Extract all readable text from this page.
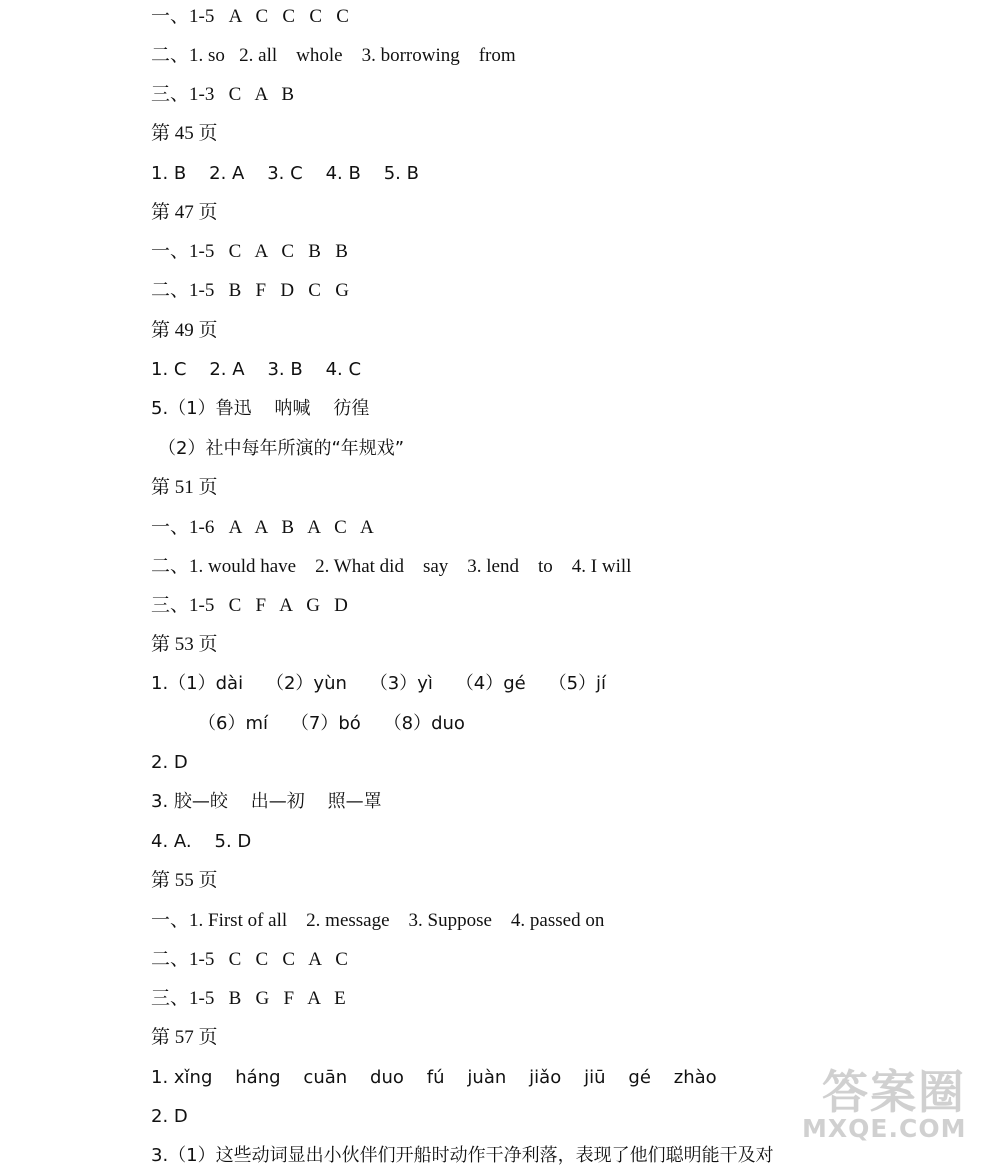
一、1-5   A   C   C   C   C
二、1. so   2. all    whole    3. borrowing    from
三、1-3   C   A   B
第 45 页
1. B    2. A    3. C    4. B    5. B
第 47 页
一、1-5   C   A   C   B   B
二、1-5   B   F   D   C   G
第 49 页
1. C    2. A    3. B    4. C
5.（1）鲁迅    呐喊    彷徨
（2）社中每年所演的“年规戏”
第 51 页
一、1-6   A   A   B   A   C   A
二、1. would have    2. What did    say    3. lend    to    4. I will
三、1-5   C   F   A   G   D
第 53 页
1.（1）dài    （2）yùn    （3）yì    （4）gé    （5）jí
（6）mí    （7）bó    （8）duo
2. D
3. 胶—皎    出—初    照—罩
4. A.    5. D
第 55 页
一、1. First of all    2. message    3. Suppose    4. passed on
二、1-5   C   C   C   A   C
三、1-5   B   G   F   A   E
第 57 页
1. xǐng    háng    cuān    duo    fú    juàn    jiǎo    jiū    gé    zhào
2. D
3.（1）这些动词显出小伙伴们开船时动作干净利落，表现了他们聪明能干及对
答案圈
MXQE.COM
